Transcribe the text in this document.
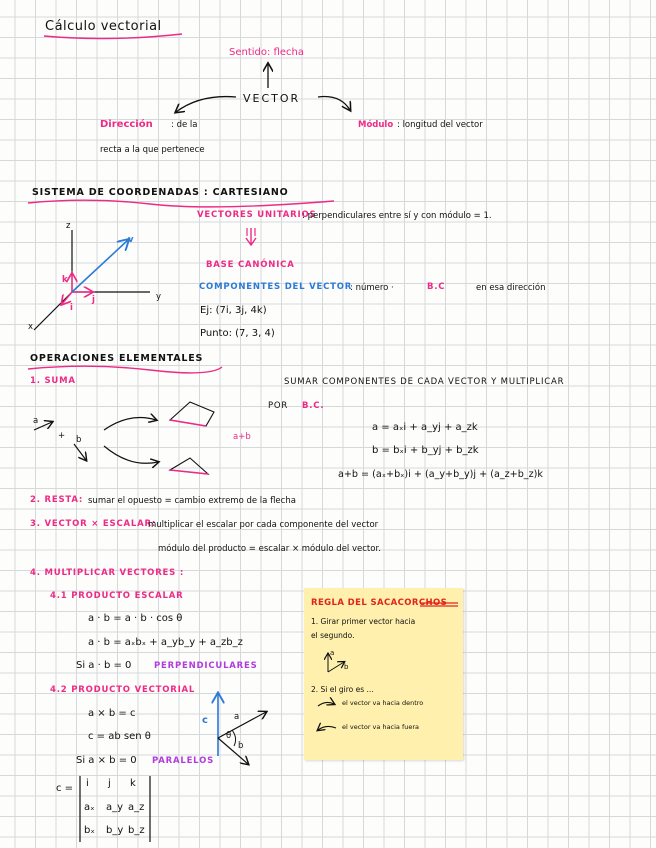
Cálculo vectorial
Sentido: flecha
VECTOR
Dirección : de la
recta a la que pertenece
Módulo : longitud del vector
SISTEMA DE COORDENADAS : CARTESIANO
VECTORES UNITARIOS
: perpendiculares entre sí y con módulo = 1.
BASE CANÓNICA
COMPONENTES DEL VECTOR
: número ·	B.C	en esa dirección
Ej: (7i, 3j, 4k)
Punto: (7, 3, 4)
z
y
x
k
i
j
v
OPERACIONES ELEMENTALES
1. SUMA	SUMAR COMPONENTES DE CADA VECTOR Y MULTIPLICAR
POR B.C.
a = aₓi + a_yj + a_zk
b = bₓi + b_yj + b_zk
a+b = (aₓ+bₓ)i + (a_y+b_y)j + (a_z+b_z)k
a
+ b	a+b
2. RESTA: sumar el opuesto = cambio extremo de la flecha
3. VECTOR × ESCALAR:
multiplicar el escalar por cada componente del vector
módulo del producto = escalar × módulo del vector.
4. MULTIPLICAR VECTORES :
4.1 PRODUCTO ESCALAR
a · b = a · b · cos θ
a · b = aₓbₓ + a_yb_y + a_zb_z
Si a · b = 0	PERPENDICULARES
4.2 PRODUCTO VECTORIAL
a × b = c
c = ab sen θ
Si a × b = 0 PARALELOS
c = i j k
aₓ a_y a_z
bₓ b_y b_z
c	a
b
θ
REGLA DEL SACACORCHOS
1. Girar primer vector hacia
el segundo.
2. Si el giro es ...
el vector va hacia dentro
el vector va hacia fuera
a
b
